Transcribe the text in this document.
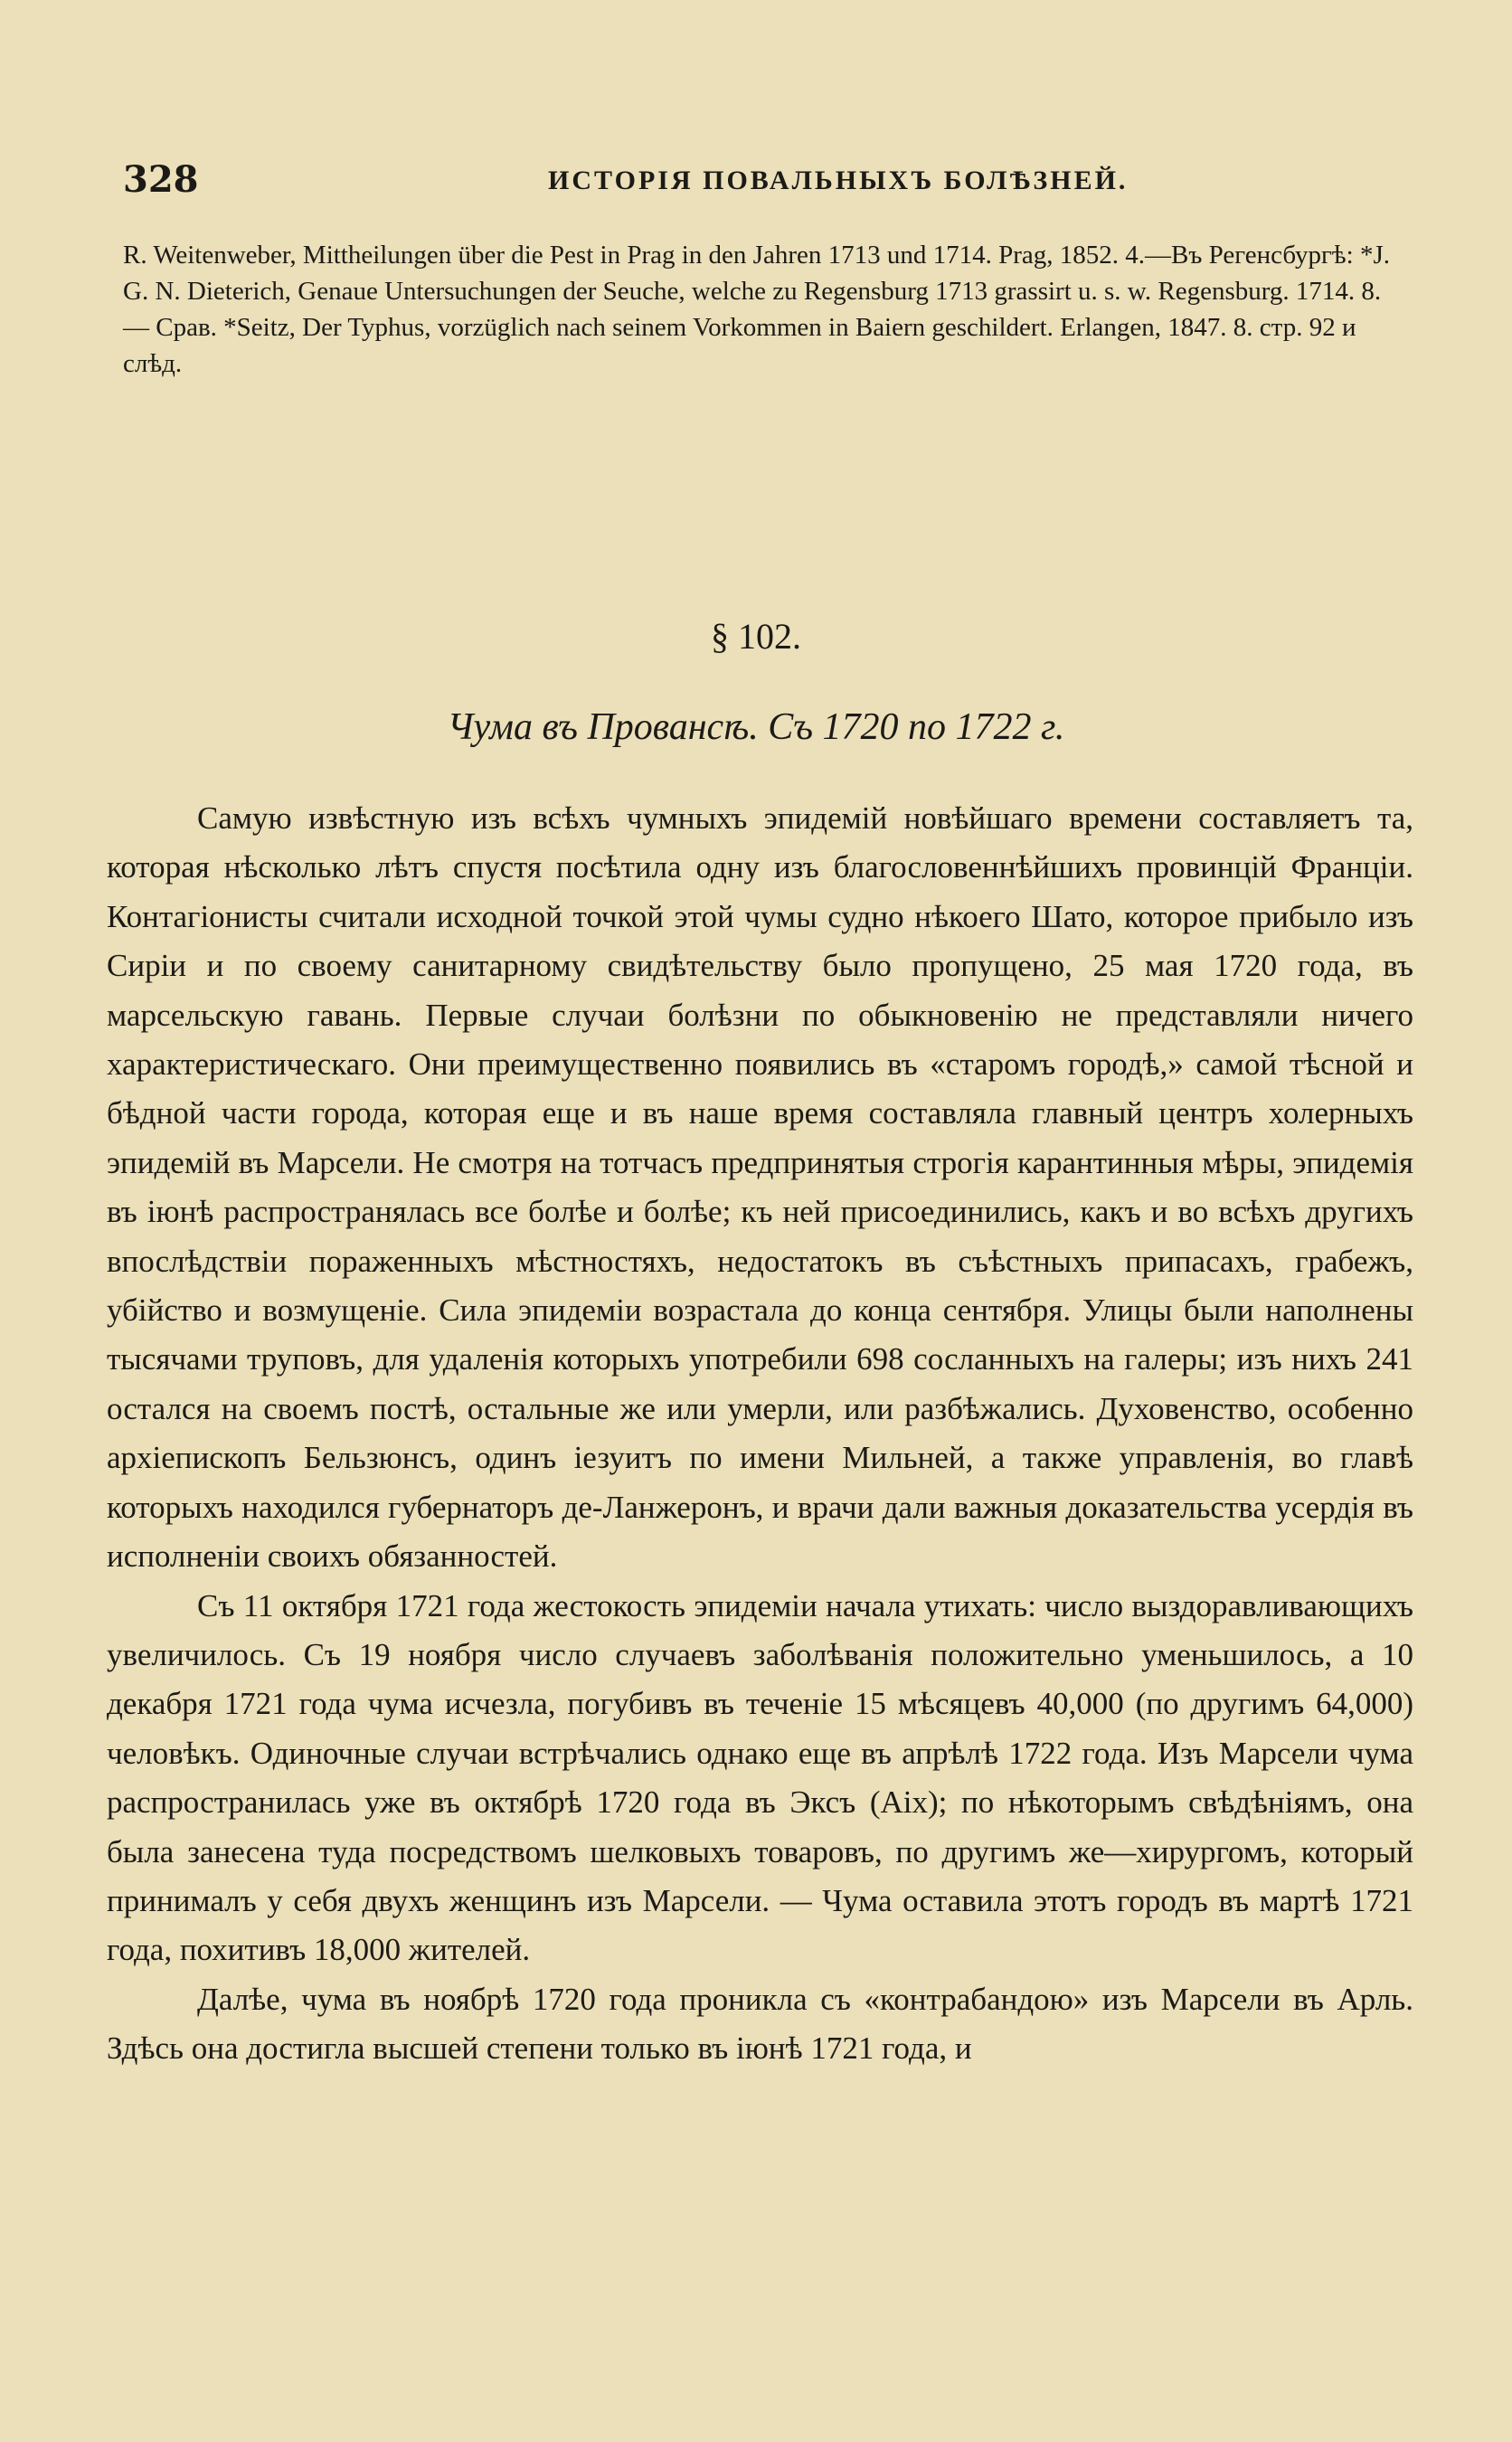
328	ИСТОРІЯ ПОВАЛЬНЫХЪ БОЛѢЗНЕЙ.

R. Weitenweber, Mittheilungen über die Pest in Prag in den Jahren 1713 und 1714. Prag, 1852. 4.—Въ Регенсбургѣ: *J. G. N. Dieterich, Genaue Untersuchungen der Seuche, welche zu Regensburg 1713 grassirt u. s. w. Regensburg. 1714. 8. — Срав. *Seitz, Der Typhus, vorzüglich nach seinem Vorkommen in Baiern geschildert. Erlangen, 1847. 8. стр. 92 и слѣд.

§ 102.
Чума въ Провансѣ. Съ 1720 по 1722 г.

Самую извѣстную изъ всѣхъ чумныхъ эпидемій новѣйшаго времени составляетъ та, которая нѣсколько лѣтъ спустя посѣтила одну изъ благословеннѣйшихъ провинцій Франціи. Контагіонисты считали исходной точкой этой чумы судно нѣкоего Шато, которое прибыло изъ Сиріи и по своему санитарному свидѣтельству было пропущено, 25 мая 1720 года, въ марсельскую гавань. Первые случаи болѣзни по обыкновенію не представляли ничего характеристическаго. Они преимущественно появились въ «старомъ городѣ,» самой тѣсной и бѣдной части города, которая еще и въ наше время составляла главный центръ холерныхъ эпидемій въ Марсели. Не смотря на тотчасъ предпринятыя строгія карантинныя мѣры, эпидемія въ іюнѣ распространялась все болѣе и болѣе; къ ней присоединились, какъ и во всѣхъ другихъ впослѣдствіи пораженныхъ мѣстностяхъ, недостатокъ въ съѣстныхъ припасахъ, грабежъ, убійство и возмущеніе. Сила эпидеміи возрастала до конца сентября. Улицы были наполнены тысячами труповъ, для удаленія которыхъ употребили 698 сосланныхъ на галеры; изъ нихъ 241 остался на своемъ постѣ, остальные же или умерли, или разбѣжались. Духовенство, особенно архіепископъ Бельзюнсъ, одинъ іезуитъ по имени Мильней, а также управленія, во главѣ которыхъ находился губернаторъ де-Ланжеронъ, и врачи дали важныя доказательства усердія въ исполненіи своихъ обязанностей.

Съ 11 октября 1721 года жестокость эпидеміи начала утихать: число выздоравливающихъ увеличилось. Съ 19 ноября число случаевъ заболѣванія положительно уменьшилось, а 10 декабря 1721 года чума исчезла, погубивъ въ теченіе 15 мѣсяцевъ 40,000 (по другимъ 64,000) человѣкъ. Одиночные случаи встрѣчались однако еще въ апрѣлѣ 1722 года. Изъ Марсели чума распространилась уже въ октябрѣ 1720 года въ Эксъ (Aix); по нѣкоторымъ свѣдѣніямъ, она была занесена туда посредствомъ шелковыхъ товаровъ, по другимъ же—хирургомъ, который принималъ у себя двухъ женщинъ изъ Марсели. — Чума оставила этотъ городъ въ мартѣ 1721 года, похитивъ 18,000 жителей.

Далѣе, чума въ ноябрѣ 1720 года проникла съ «контрабандою» изъ Марсели въ Арль. Здѣсь она достигла высшей степени только въ іюнѣ 1721 года, и
